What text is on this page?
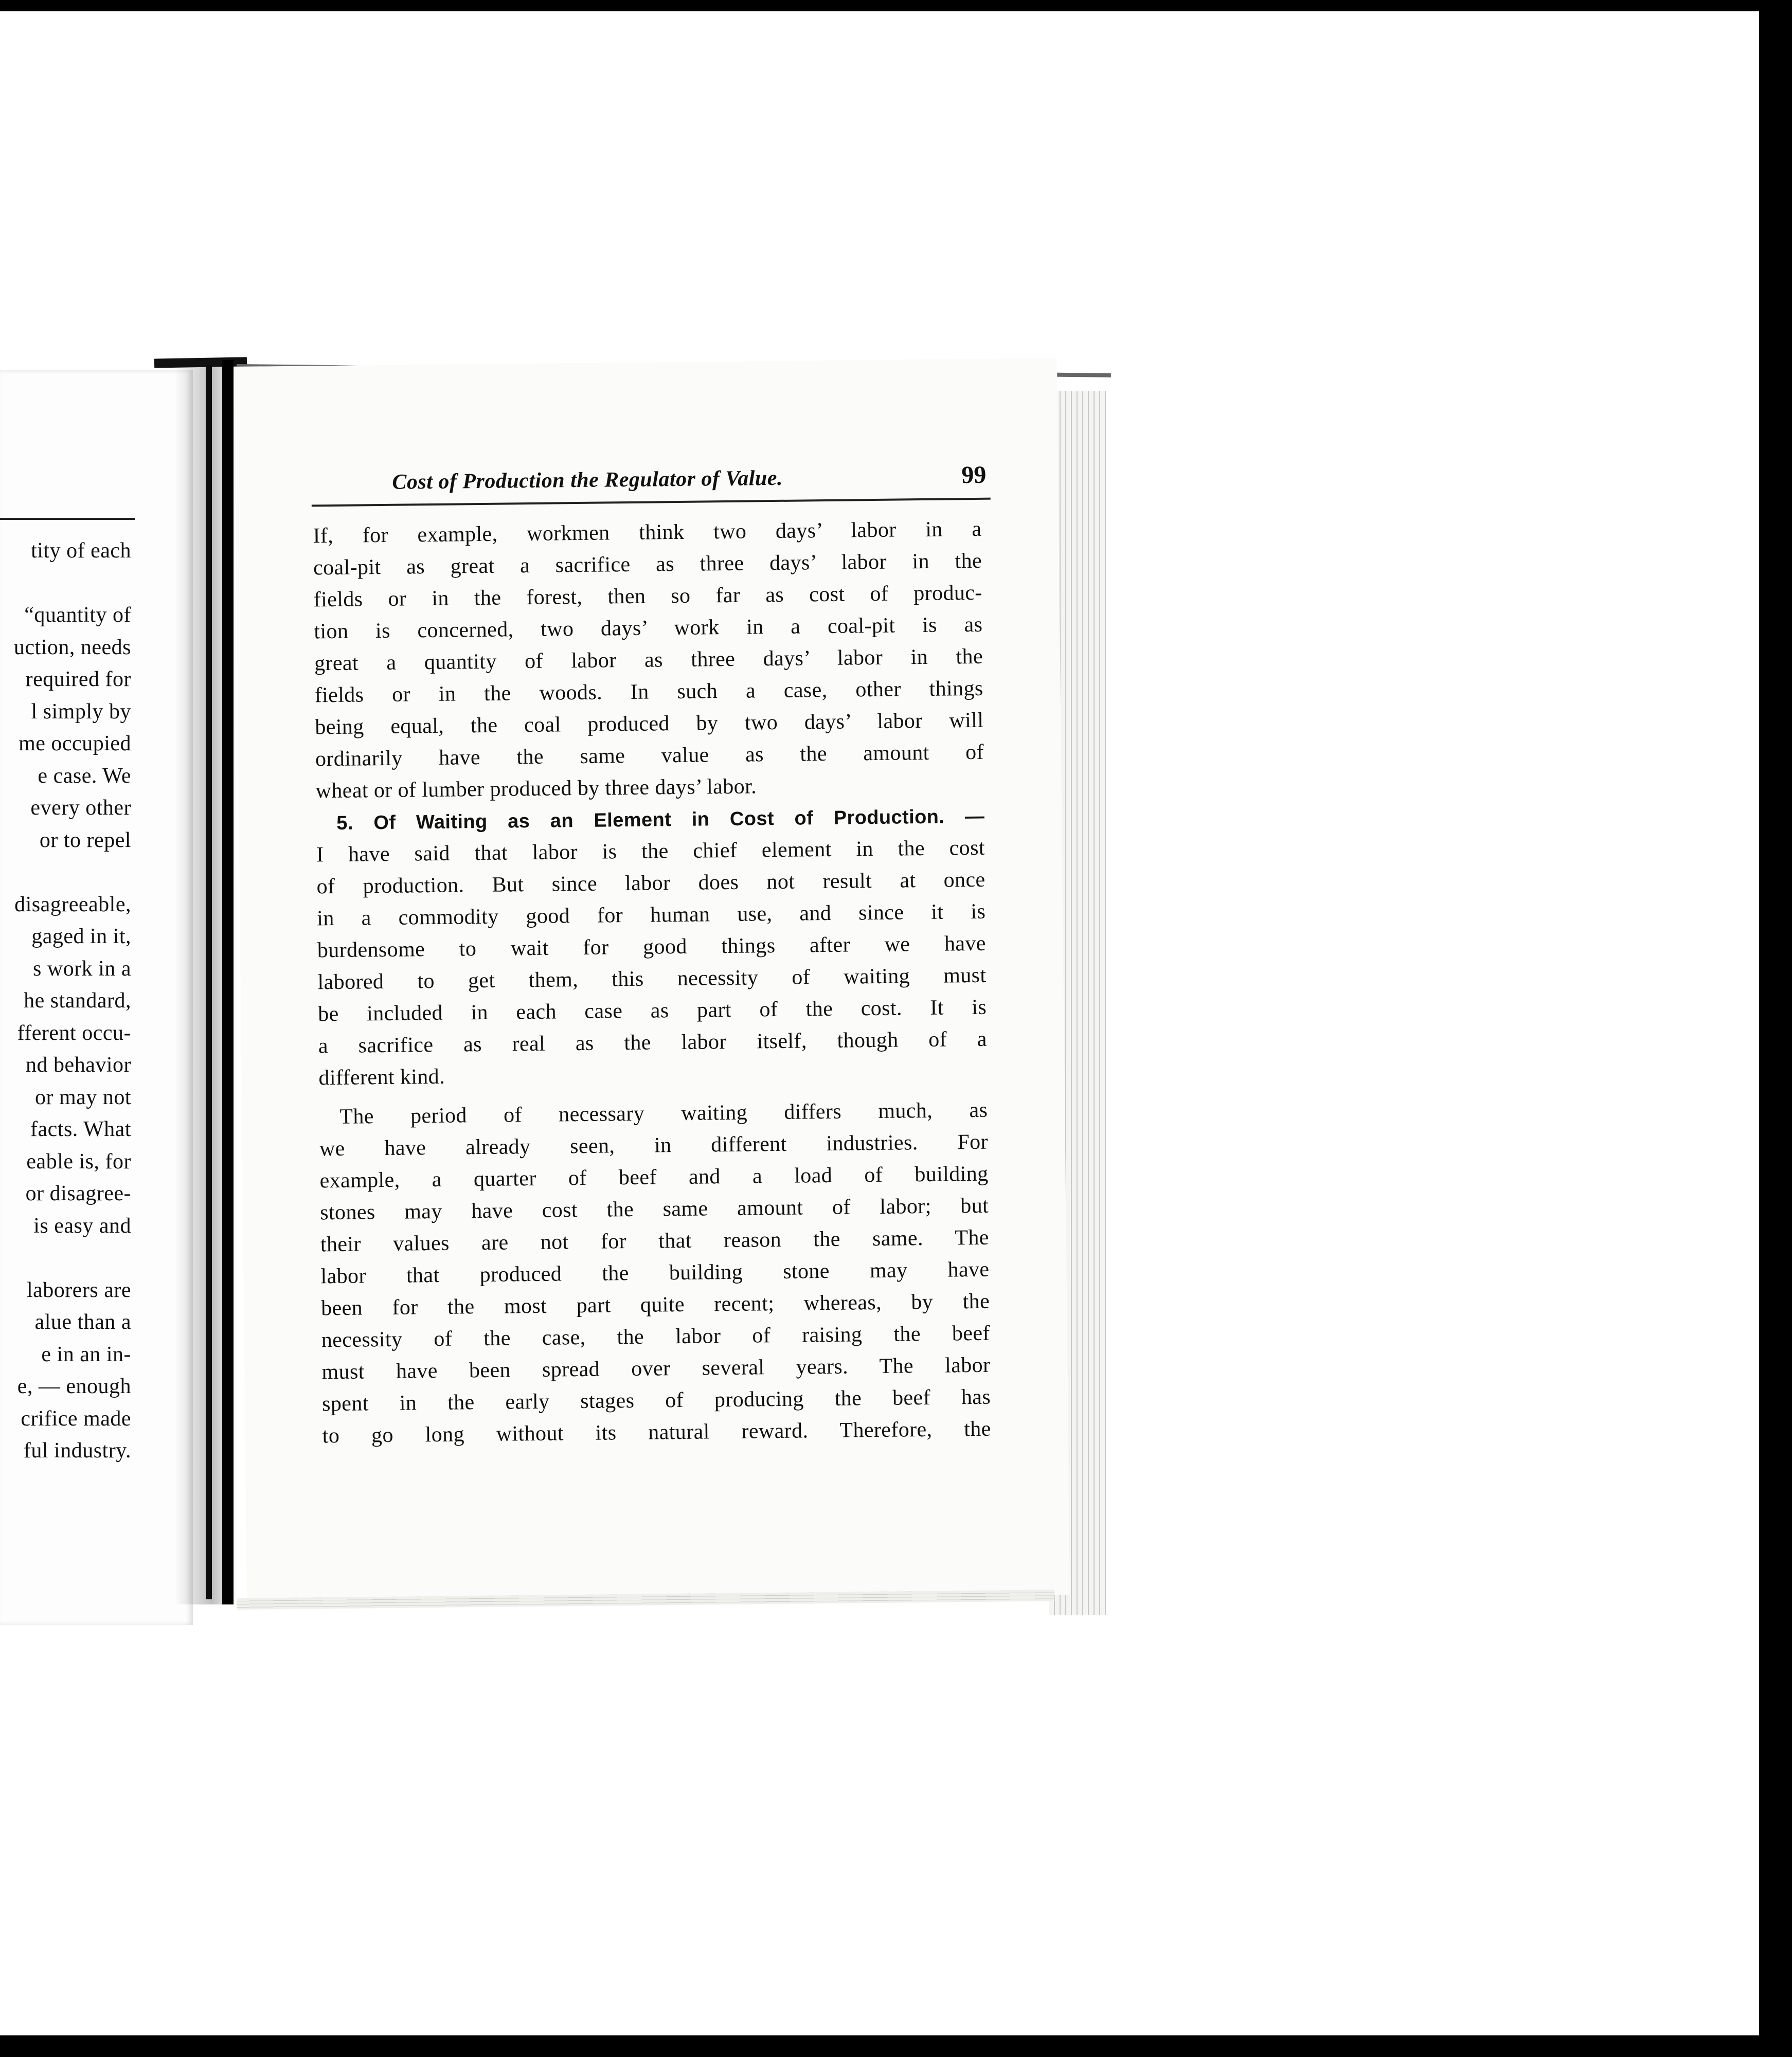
tity of each
“quantity of
uction, needs
required for
l simply by
me occupied
e case. We
every other
or to repel
disagreeable,
gaged in it,
s work in a
he standard,
fferent occu-
nd behavior
or may not
facts. What
eable is, for
or disagree-
is easy and
laborers are
alue than a
e in an in-
e, — enough
crifice made
ful industry.
Cost of Production the Regulator of Value.	99
If, for example, workmen think two days’ labor in a
coal-pit as great a sacrifice as three days’ labor in the
fields or in the forest, then so far as cost of produc-
tion is concerned, two days’ work in a coal-pit is as
great a quantity of labor as three days’ labor in the
fields or in the woods. In such a case, other things
being equal, the coal produced by two days’ labor will
ordinarily have the same value as the amount of
wheat or of lumber produced by three days’ labor.
5. Of Waiting as an Element in Cost of Production. —
I have said that labor is the chief element in the cost
of production. But since labor does not result at once
in a commodity good for human use, and since it is
burdensome to wait for good things after we have
labored to get them, this necessity of waiting must
be included in each case as part of the cost. It is
a sacrifice as real as the labor itself, though of a
different kind.
The period of necessary waiting differs much, as
we have already seen, in different industries. For
example, a quarter of beef and a load of building
stones may have cost the same amount of labor; but
their values are not for that reason the same. The
labor that produced the building stone may have
been for the most part quite recent; whereas, by the
necessity of the case, the labor of raising the beef
must have been spread over several years. The labor
spent in the early stages of producing the beef has
to go long without its natural reward. Therefore, the
